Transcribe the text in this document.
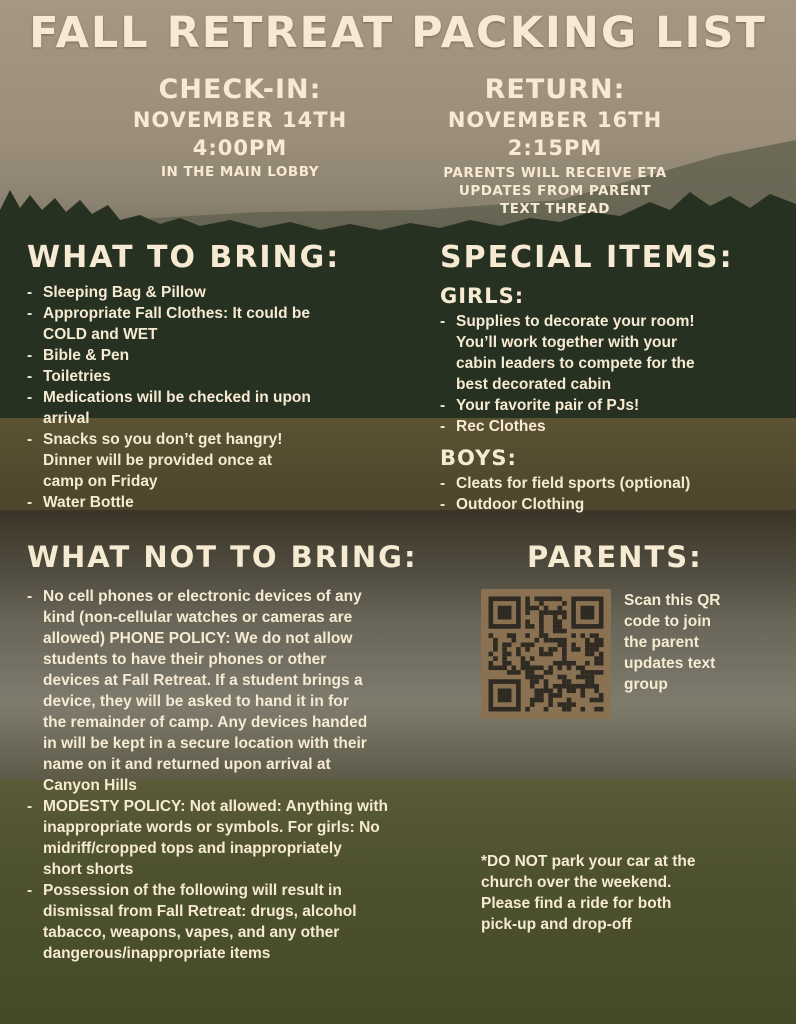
FALL RETREAT PACKING LIST
CHECK-IN:
NOVEMBER 14TH
4:00PM
IN THE MAIN LOBBY
RETURN:
NOVEMBER 16TH
2:15PM
PARENTS WILL RECEIVE ETA
UPDATES FROM PARENT
TEXT THREAD
WHAT TO BRING:
- Sleeping Bag & Pillow
- Appropriate Fall Clothes: It could be
COLD and WET
- Bible & Pen
- Toiletries
- Medications will be checked in upon
arrival
- Snacks so you don’t get hangry!
Dinner will be provided once at
camp on Friday
- Water Bottle
SPECIAL ITEMS:
GIRLS:
- Supplies to decorate your room!
You’ll work together with your
cabin leaders to compete for the
best decorated cabin
- Your favorite pair of PJs!
- Rec Clothes
BOYS:
- Cleats for field sports (optional)
- Outdoor Clothing
WHAT NOT TO BRING:
- No cell phones or electronic devices of any
kind (non-cellular watches or cameras are
allowed) PHONE POLICY: We do not allow
students to have their phones or other
devices at Fall Retreat. If a student brings a
device, they will be asked to hand it in for
the remainder of camp. Any devices handed
in will be kept in a secure location with their
name on it and returned upon arrival at
Canyon Hills
- MODESTY POLICY: Not allowed: Anything with
inappropriate words or symbols. For girls: No
midriff/cropped tops and inappropriately
short shorts
- Possession of the following will result in
dismissal from Fall Retreat: drugs, alcohol
tabacco, weapons, vapes, and any other
dangerous/inappropriate items
PARENTS:
Scan this QR
code to join
the parent
updates text
group
*DO NOT park your car at the
church over the weekend.
Please find a ride for both
pick-up and drop-off
